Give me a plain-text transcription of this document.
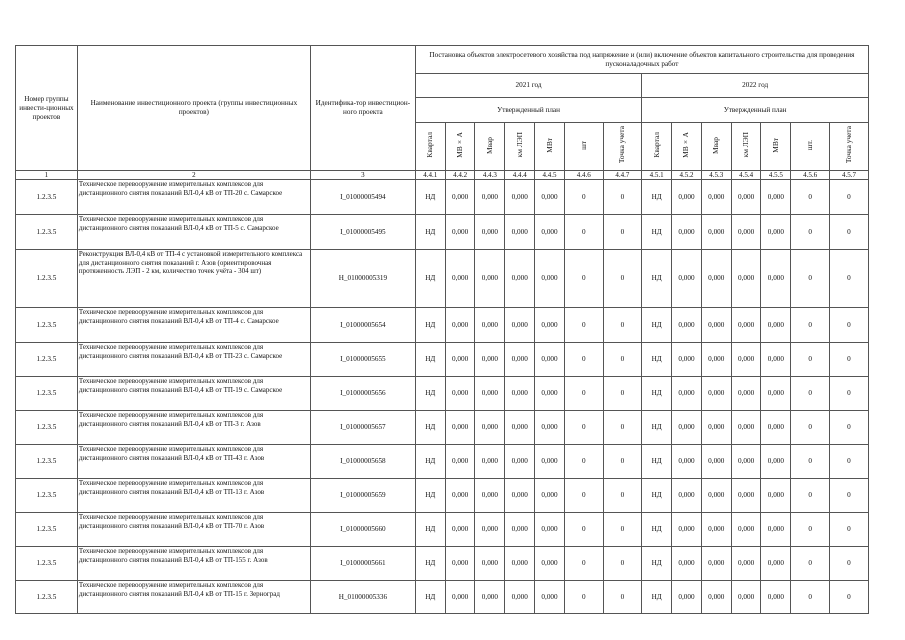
Номер группы инвести-ционных проектов	Наименование инвестиционного проекта (группы инвестиционных проектов)	Идентифика-тор инвестицион-ного проекта	Постановка объектов электросетевого хозяйства под напряжение и (или) включение объектов капитального строительства для проведения пусконаладочных работ													
			2021 год							2022 год						
			Утвержденный план							Утвержденный план						
			Квартал	МВ×А	Мвар	км ЛЭП	МВт	шт	Точка учета	Квартал	МВ×А	Мвар	км ЛЭП	МВт	шт.	Точка учета
1	2	3	4.4.1	4.4.2	4.4.3	4.4.4	4.4.5	4.4.6	4.4.7	4.5.1	4.5.2	4.5.3	4.5.4	4.5.5	4.5.6	4.5.7
1.2.3.5	Техническое перевооружение измерительных комплексов для дистанционного снятия показаний ВЛ-0,4 кВ от ТП-20 с. Самарское	I_01000005494	НД	0,000	0,000	0,000	0,000	0	0	НД	0,000	0,000	0,000	0,000	0	0
1.2.3.5	Техническое перевооружение измерительных комплексов для дистанционного снятия показаний ВЛ-0,4 кВ от ТП-5 с. Самарское	I_01000005495	НД	0,000	0,000	0,000	0,000	0	0	НД	0,000	0,000	0,000	0,000	0	0
1.2.3.5	Реконструкция ВЛ-0,4 кВ от ТП-4 с установкой измерительного комплекса для дистанционного снятия показаний г. Азов (ориентировочная протяженность ЛЭП - 2 км, количество точек учёта - 304 шт)	H_01000005319	НД	0,000	0,000	0,000	0,000	0	0	НД	0,000	0,000	0,000	0,000	0	0
1.2.3.5	Техническое перевооружение измерительных комплексов для дистанционного снятия показаний ВЛ-0,4 кВ от ТП-4 с. Самарское	I_01000005654	НД	0,000	0,000	0,000	0,000	0	0	НД	0,000	0,000	0,000	0,000	0	0
1.2.3.5	Техническое перевооружение измерительных комплексов для дистанционного снятия показаний ВЛ-0,4 кВ от ТП-23 с. Самарское	I_01000005655	НД	0,000	0,000	0,000	0,000	0	0	НД	0,000	0,000	0,000	0,000	0	0
1.2.3.5	Техническое перевооружение измерительных комплексов для дистанционного снятия показаний ВЛ-0,4 кВ от ТП-19 с. Самарское	I_01000005656	НД	0,000	0,000	0,000	0,000	0	0	НД	0,000	0,000	0,000	0,000	0	0
1.2.3.5	Техническое перевооружение измерительных комплексов для дистанционного снятия показаний ВЛ-0,4 кВ от ТП-3 г. Азов	I_01000005657	НД	0,000	0,000	0,000	0,000	0	0	НД	0,000	0,000	0,000	0,000	0	0
1.2.3.5	Техническое перевооружение измерительных комплексов для дистанционного снятия показаний ВЛ-0,4 кВ от ТП-43 г. Азов	I_01000005658	НД	0,000	0,000	0,000	0,000	0	0	НД	0,000	0,000	0,000	0,000	0	0
1.2.3.5	Техническое перевооружение измерительных комплексов для дистанционного снятия показаний ВЛ-0,4 кВ от ТП-13 г. Азов	I_01000005659	НД	0,000	0,000	0,000	0,000	0	0	НД	0,000	0,000	0,000	0,000	0	0
1.2.3.5	Техническое перевооружение измерительных комплексов для дистанционного снятия показаний ВЛ-0,4 кВ от ТП-70 г. Азов	I_01000005660	НД	0,000	0,000	0,000	0,000	0	0	НД	0,000	0,000	0,000	0,000	0	0
1.2.3.5	Техническое перевооружение измерительных комплексов для дистанционного снятия показаний ВЛ-0,4 кВ от ТП-155 г. Азов	I_01000005661	НД	0,000	0,000	0,000	0,000	0	0	НД	0,000	0,000	0,000	0,000	0	0
1.2.3.5	Техническое перевооружение измерительных комплексов для дистанционного снятия показаний ВЛ-0,4 кВ от ТП-15 г. Зерноград	H_01000005336	НД	0,000	0,000	0,000	0,000	0	0	НД	0,000	0,000	0,000	0,000	0	0
